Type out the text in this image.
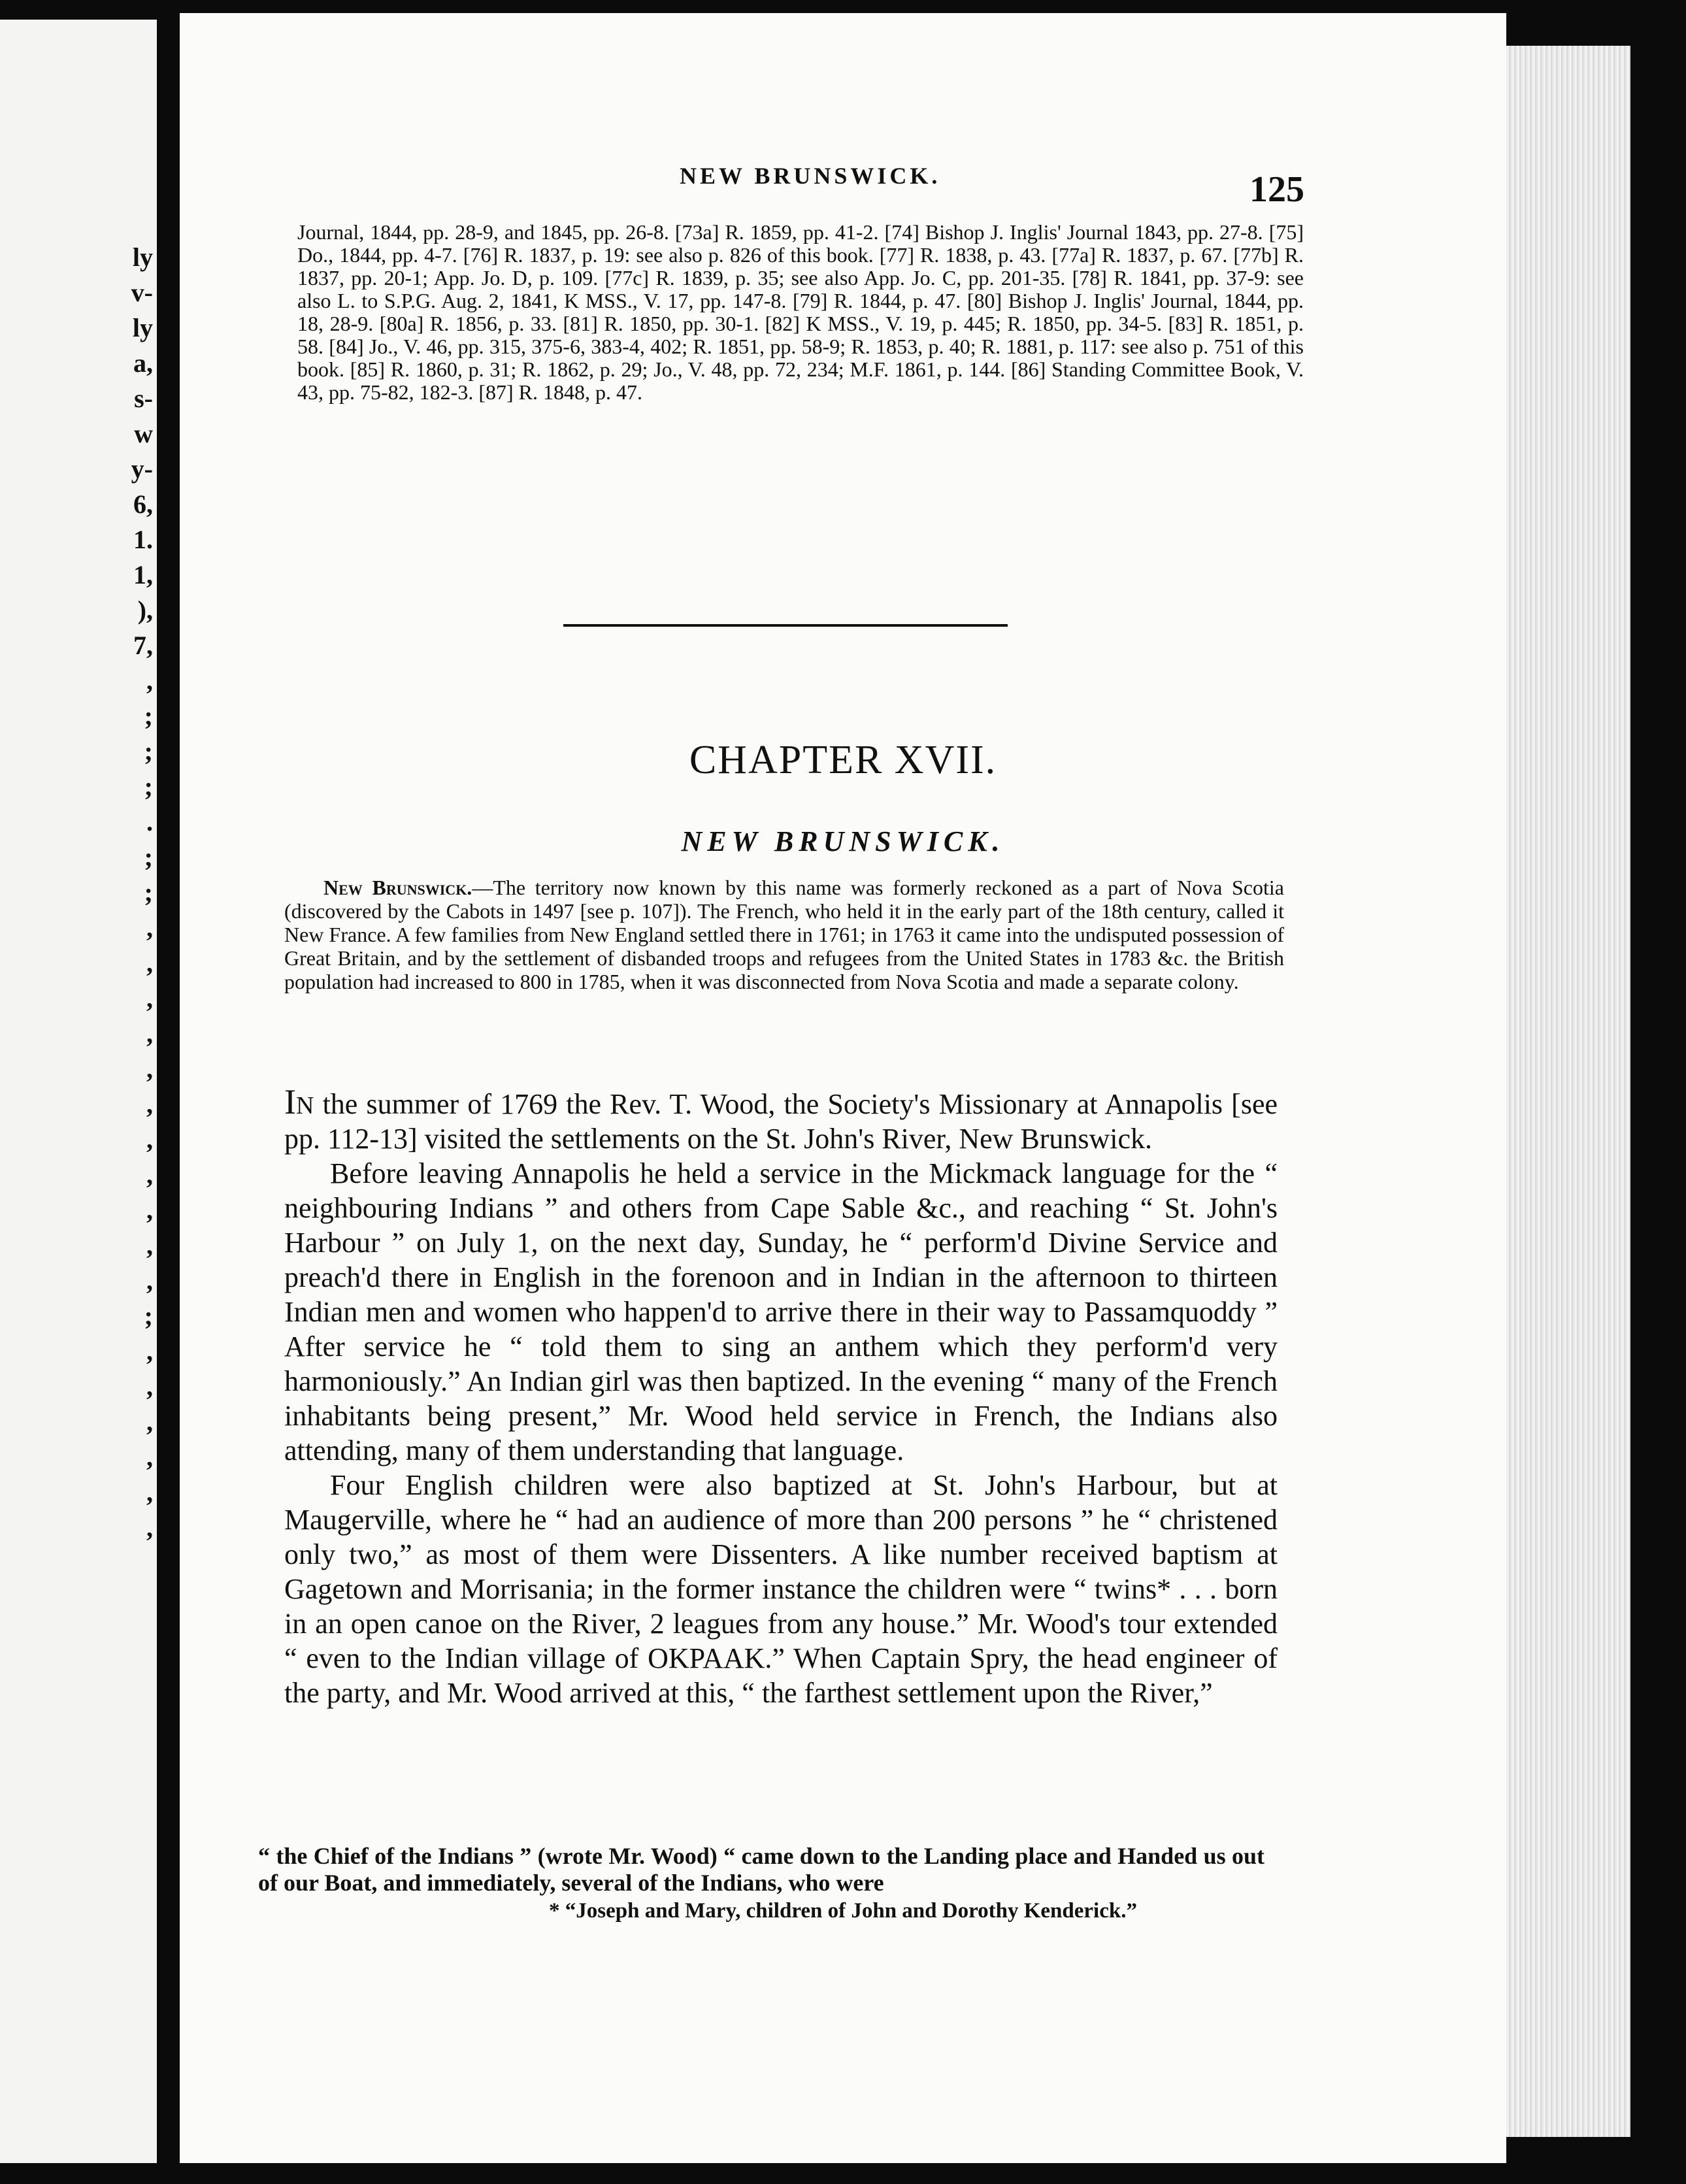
ly
v-
ly
a,
s-
w
y-
6,
1.
1,
),
7,
,
;
;
;
.
;
;
,
,
,
,
,
,
,
,
,
,
,
;
,
,
,
,
,
,
NEW BRUNSWICK.	125
Journal, 1844, pp. 28-9, and 1845, pp. 26-8. [73a] R. 1859, pp. 41-2. [74] Bishop J. Inglis' Journal 1843, pp. 27-8. [75] Do., 1844, pp. 4-7. [76] R. 1837, p. 19: see also p. 826 of this book. [77] R. 1838, p. 43. [77a] R. 1837, p. 67. [77b] R. 1837, pp. 20-1; App. Jo. D, p. 109. [77c] R. 1839, p. 35; see also App. Jo. C, pp. 201-35. [78] R. 1841, pp. 37-9: see also L. to S.P.G. Aug. 2, 1841, K MSS., V. 17, pp. 147-8. [79] R. 1844, p. 47. [80] Bishop J. Inglis' Journal, 1844, pp. 18, 28-9. [80a] R. 1856, p. 33. [81] R. 1850, pp. 30-1. [82] K MSS., V. 19, p. 445; R. 1850, pp. 34-5. [83] R. 1851, p. 58. [84] Jo., V. 46, pp. 315, 375-6, 383-4, 402; R. 1851, pp. 58-9; R. 1853, p. 40; R. 1881, p. 117: see also p. 751 of this book. [85] R. 1860, p. 31; R. 1862, p. 29; Jo., V. 48, pp. 72, 234; M.F. 1861, p. 144. [86] Standing Committee Book, V. 43, pp. 75-82, 182-3. [87] R. 1848, p. 47.
CHAPTER XVII.
NEW BRUNSWICK.
New Brunswick.—The territory now known by this name was formerly reckoned as a part of Nova Scotia (discovered by the Cabots in 1497 [see p. 107]). The French, who held it in the early part of the 18th century, called it New France. A few families from New England settled there in 1761; in 1763 it came into the undisputed possession of Great Britain, and by the settlement of disbanded troops and refugees from the United States in 1783 &c. the British population had increased to 800 in 1785, when it was disconnected from Nova Scotia and made a separate colony.

In the summer of 1769 the Rev. T. Wood, the Society's Missionary at Annapolis [see pp. 112-13] visited the settlements on the St. John's River, New Brunswick.

Before leaving Annapolis he held a service in the Mickmack language for the “ neighbouring Indians ” and others from Cape Sable &c., and reaching “ St. John's Harbour ” on July 1, on the next day, Sunday, he “ perform'd Divine Service and preach'd there in English in the forenoon and in Indian in the afternoon to thirteen Indian men and women who happen'd to arrive there in their way to Passamquoddy ” After service he “ told them to sing an anthem which they perform'd very harmoniously.” An Indian girl was then baptized. In the evening “ many of the French inhabitants being present,” Mr. Wood held service in French, the Indians also attending, many of them understanding that language.

Four English children were also baptized at St. John's Harbour, but at Maugerville, where he “ had an audience of more than 200 persons ” he “ christened only two,” as most of them were Dissenters. A like number received baptism at Gagetown and Morrisania; in the former instance the children were “ twins* . . . born in an open canoe on the River, 2 leagues from any house.” Mr. Wood's tour extended “ even to the Indian village of OKPAAK.” When Captain Spry, the head engineer of the party, and Mr. Wood arrived at this, “ the farthest settlement upon the River,”

“ the Chief of the Indians ” (wrote Mr. Wood) “ came down to the Landing place and Handed us out of our Boat, and immediately, several of the Indians, who were
* “Joseph and Mary, children of John and Dorothy Kenderick.”
